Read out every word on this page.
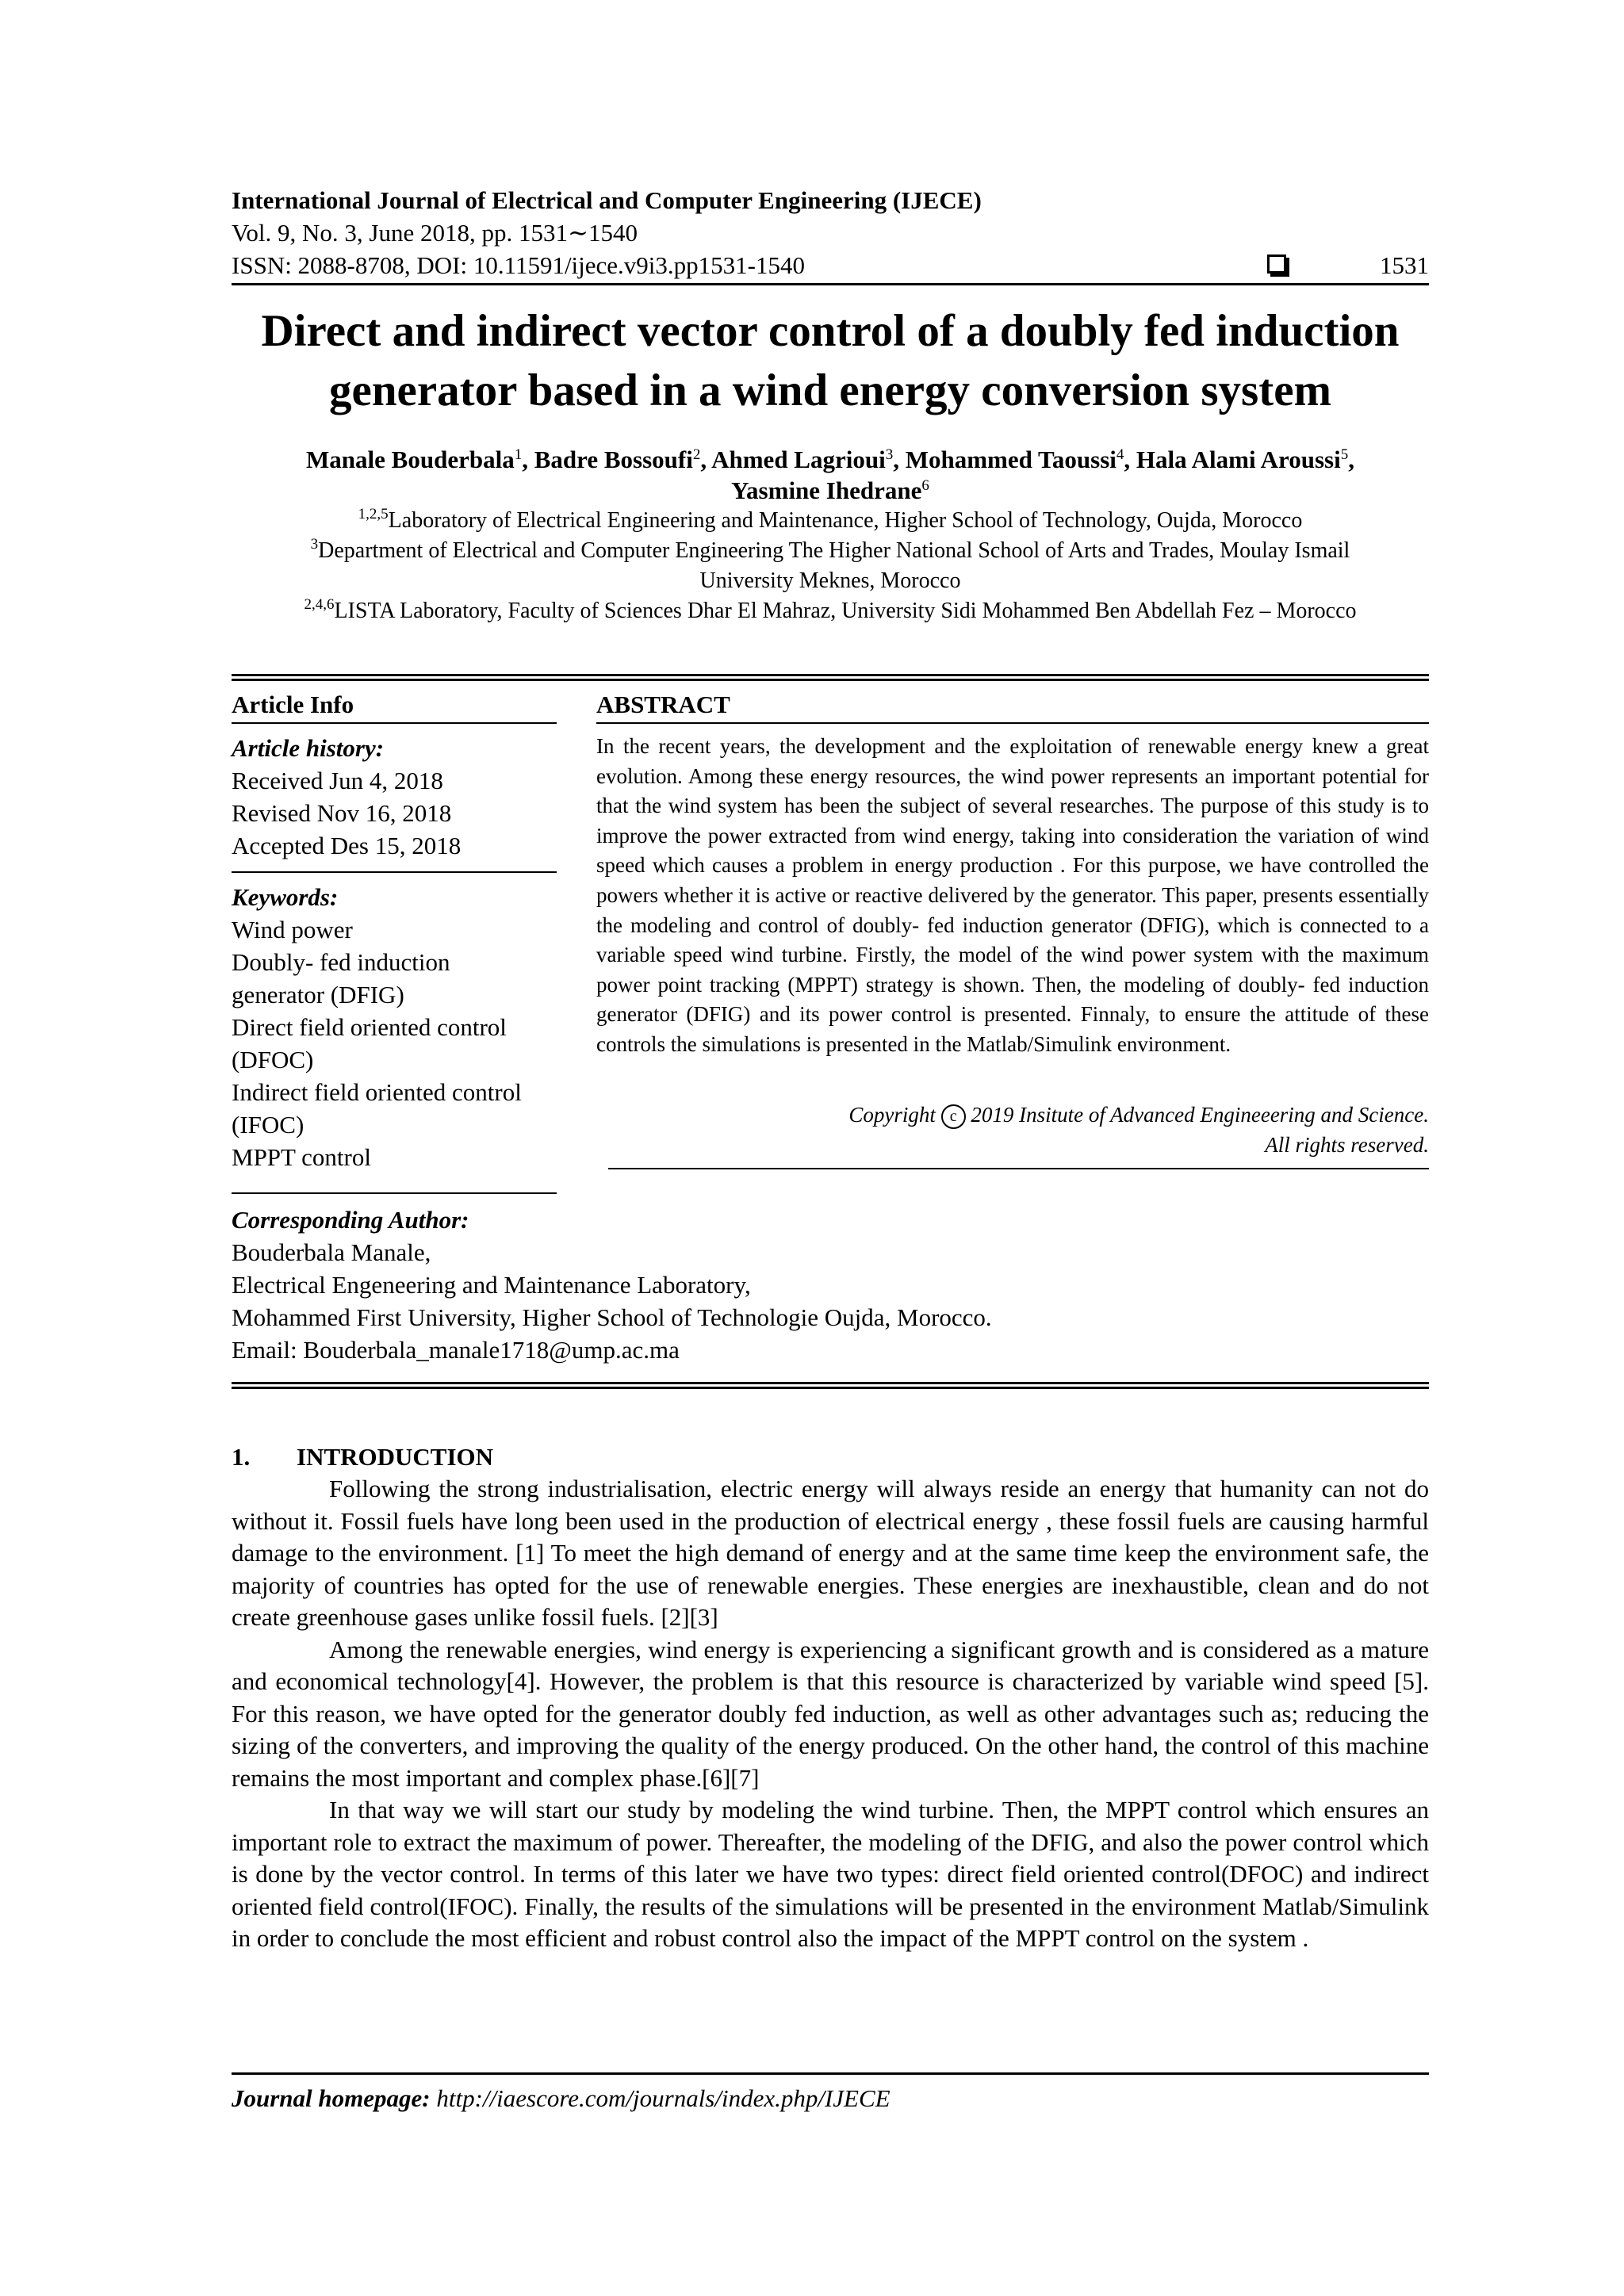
International Journal of Electrical and Computer Engineering (IJECE)
Vol. 9, No. 3, June 2018, pp. 1531∼1540
ISSN: 2088-8708, DOI: 10.11591/ijece.v9i3.pp1531-1540	1531
Direct and indirect vector control of a doubly fed induction
generator based in a wind energy conversion system
Manale Bouderbala$^1$, Badre Bossoufi$^2$, Ahmed Lagrioui$^3$, Mohammed Taoussi$^4$, Hala Alami Aroussi$^5$,
Yasmine Ihedrane$^6$
$^{1,2,5}$Laboratory of Electrical Engineering and Maintenance, Higher School of Technology, Oujda, Morocco
$^3$Department of Electrical and Computer Engineering The Higher National School of Arts and Trades, Moulay Ismail
University Meknes, Morocco
$^{2,4,6}$LISTA Laboratory, Faculty of Sciences Dhar El Mahraz, University Sidi Mohammed Ben Abdellah Fez – Morocco
Article Info
Article history:
Received Jun 4, 2018
Revised Nov 16, 2018
Accepted Des 15, 2018
Keywords:
Wind power
Doubly- fed induction
generator (DFIG)
Direct field oriented control
(DFOC)
Indirect field oriented control
(IFOC)
MPPT control
ABSTRACT
In the recent years, the development and the exploitation of renewable energy knew a great evolution. Among these energy resources, the wind power represents an important potential for that the wind system has been the subject of several researches. The purpose of this study is to improve the power extracted from wind energy, taking into consideration the variation of wind speed which causes a problem in energy production . For this purpose, we have controlled the powers whether it is active or reactive delivered by the generator. This paper, presents essentially the modeling and control of doubly- fed induction generator (DFIG), which is connected to a variable speed wind turbine. Firstly, the model of the wind power system with the maximum power point tracking (MPPT) strategy is shown. Then, the modeling of doubly- fed induction generator (DFIG) and its power control is presented. Finnaly, to ensure the attitude of these controls the simulations is presented in the Matlab/Simulink environment.
Copyright c 2019 Insitute of Advanced Engineeering and Science.
All rights reserved.
Corresponding Author:
Bouderbala Manale,
Electrical Engeneering and Maintenance Laboratory,
Mohammed First University, Higher School of Technologie Oujda, Morocco.
Email: Bouderbala_manale1718@ump.ac.ma
1. INTRODUCTION

Following the strong industrialisation, electric energy will always reside an energy that humanity can not do without it. Fossil fuels have long been used in the production of electrical energy , these fossil fuels are causing harmful damage to the environment. [1] To meet the high demand of energy and at the same time keep the environment safe, the majority of countries has opted for the use of renewable energies. These energies are inexhaustible, clean and do not create greenhouse gases unlike fossil fuels. [2][3]

Among the renewable energies, wind energy is experiencing a significant growth and is considered as a mature and economical technology[4]. However, the problem is that this resource is characterized by variable wind speed [5]. For this reason, we have opted for the generator doubly fed induction, as well as other advantages such as; reducing the sizing of the converters, and improving the quality of the energy produced. On the other hand, the control of this machine remains the most important and complex phase.[6][7]

In that way we will start our study by modeling the wind turbine. Then, the MPPT control which ensures an important role to extract the maximum of power. Thereafter, the modeling of the DFIG, and also the power control which is done by the vector control. In terms of this later we have two types: direct field oriented control(DFOC) and indirect oriented field control(IFOC). Finally, the results of the simulations will be presented in the environment Matlab/Simulink in order to conclude the most efficient and robust control also the impact of the MPPT control on the system .

Journal homepage: http://iaescore.com/journals/index.php/IJECE
